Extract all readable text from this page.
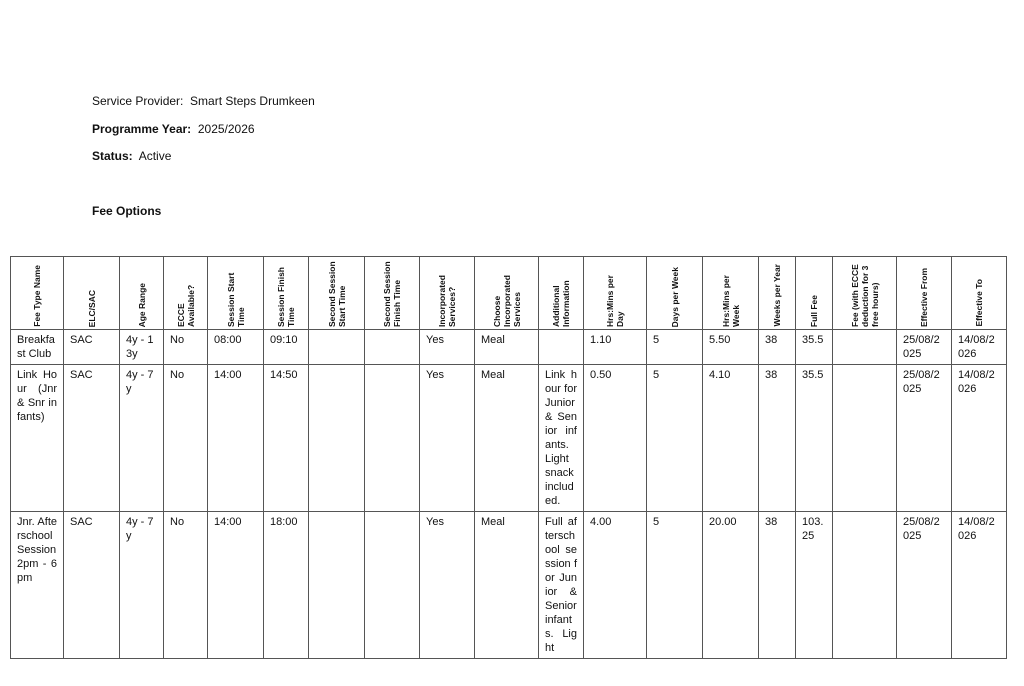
Service Provider: Smart Steps Drumkeen
Programme Year: 2025/2026
Status: Active
Fee Options
Fee Type Name	ELC/SAC	Age Range	ECCE Available?	Session Start Time	Session Finish Time	Second Session Start Time	Second Session Finish Time	Incorporated Services?	Choose Incorporated Services	Additional Information	Hrs:Mins per Day	Days per Week	Hrs:Mins per Week	Weeks per Year	Full Fee	Fee (with ECCE deduction for 3 free hours)	Effective From	Effective To

Breakfast Club	SAC	4y - 13y	No	08:00	09:10			Yes	Meal		1.10	5	5.50	38	35.5		25/08/2025	14/08/2026
Link Hour (Jnr & Snr infants)	SAC	4y - 7y	No	14:00	14:50			Yes	Meal	Link hour for Junior & Senior infants. Light snack included.	0.50	5	4.10	38	35.5		25/08/2025	14/08/2026
Jnr. Afterschool Session 2pm - 6pm	SAC	4y - 7y	No	14:00	18:00			Yes	Meal	Full afterschool session for Junior & Senior infants. Light	4.00	5	20.00	38	103.25		25/08/2025	14/08/2026
